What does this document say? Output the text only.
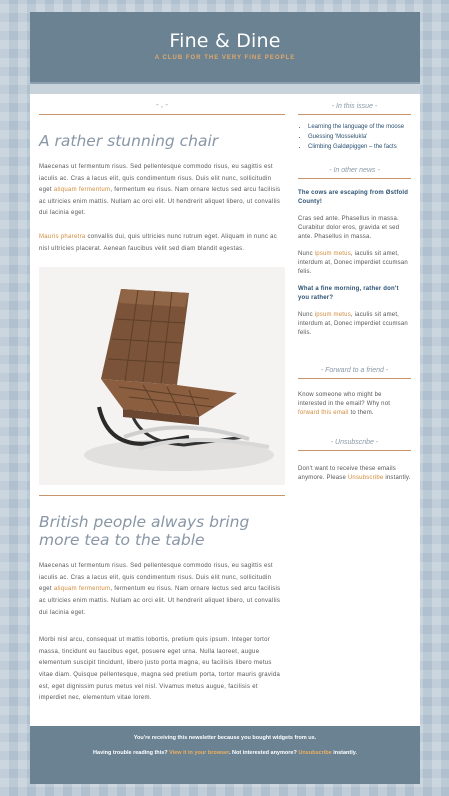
Fine & Dine
A CLUB FOR THE VERY FINE PEOPLE
- , -
A rather stunning chair

Maecenas ut fermentum risus. Sed pellentesque commodo risus, eu sagittis est iaculis ac. Cras a lacus elit, quis condimentum risus. Duis elit nunc, sollicitudin eget aliquam fermentum, fermentum eu risus. Nam ornare lectus sed arcu facilisis ac ultricies enim mattis. Nullam ac orci elit. Ut hendrerit aliquet libero, ut convallis dui lacinia eget.

Mauris pharetra convallis dui, quis ultricies nunc rutrum eget. Aliquam in nunc ac nisl ultricies placerat. Aenean faucibus velit sed diam blandit egestas.

British people always bring more tea to the table

Maecenas ut fermentum risus. Sed pellentesque commodo risus, eu sagittis est iaculis ac. Cras a lacus elit, quis condimentum risus. Duis elit nunc, sollicitudin eget aliquam fermentum, fermentum eu risus. Nam ornare lectus sed arcu facilisis ac ultricies enim mattis. Nullam ac orci elit. Ut hendrerit aliquet libero, ut convallis dui lacinia eget.

Morbi nisl arcu, consequat ut mattis lobortis, pretium quis ipsum. Integer tortor massa, tincidunt eu faucibus eget, posuere eget urna. Nulla laoreet, augue elementum suscipit tincidunt, libero justo porta magna, eu facilisis libero metus vitae diam. Quisque pellentesque, magna sed pretium porta, tortor mauris gravida est, eget dignissim purus metus vel nisl. Vivamus metus augue, facilisis et imperdiet nec, elementum vitae lorem.

- In this issue -
• Learning the language of the moose
• Guessing 'Mosselukla'
• Climbing Galdøpiggen – the facts
- In other news -

The cows are escaping from Østfold County!

Cras sed ante. Phasellus in massa. Curabitur dolor eros, gravida et sed ante. Phasellus in massa.

Nunc ipsum metus, iaculis sit amet, interdum at, Donec imperdiet ccumsan felis.

What a fine morning, rather don't you rather?

Nunc ipsum metus, iaculis sit amet, interdum at, Donec imperdiet ccumsan felis.

- Forward to a friend -

Know someone who might be interested in the email? Why not forward this email to them.

- Unsubscribe -

Don't want to receive these emails anymore. Please Unsubscribe instantly.

You're receiving this newsletter because you bought widgets from us.
Having trouble reading this? View it in your browser. Not interested anymore? Unsubscribe instantly.
